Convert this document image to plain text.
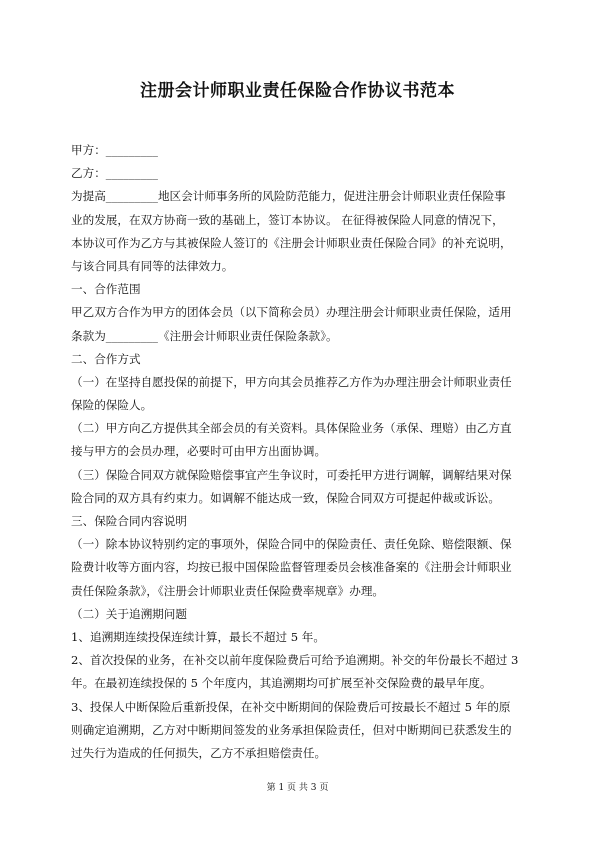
注册会计师职业责任保险合作协议书范本
甲方：_________
乙方：_________
为提高_________地区会计师事务所的风险防范能力，促进注册会计师职业责任保险事
业的发展，在双方协商一致的基础上，签订本协议。 在征得被保险人同意的情况下，
本协议可作为乙方与其被保险人签订的《注册会计师职业责任保险合同》的补充说明，
与该合同具有同等的法律效力。
一、合作范围
甲乙双方合作为甲方的团体会员（以下简称会员）办理注册会计师职业责任保险，适用
条款为_________《注册会计师职业责任保险条款》。
二、合作方式
（一）在坚持自愿投保的前提下，甲方向其会员推荐乙方作为办理注册会计师职业责任
保险的保险人。
（二）甲方向乙方提供其全部会员的有关资料。具体保险业务（承保、理赔）由乙方直
接与甲方的会员办理，必要时可由甲方出面协调。
（三）保险合同双方就保险赔偿事宜产生争议时，可委托甲方进行调解，调解结果对保
险合同的双方具有约束力。如调解不能达成一致，保险合同双方可提起仲裁或诉讼。
三、保险合同内容说明
（一）除本协议特别约定的事项外，保险合同中的保险责任、责任免除、赔偿限额、保
险费计收等方面内容，均按已报中国保险监督管理委员会核准备案的《注册会计师职业
责任保险条款》，《注册会计师职业责任保险费率规章》办理。
（二）关于追溯期问题
1、追溯期连续投保连续计算，最长不超过 5 年。
2、首次投保的业务，在补交以前年度保险费后可给予追溯期。补交的年份最长不超过 3
年。在最初连续投保的 5 个年度内，其追溯期均可扩展至补交保险费的最早年度。
3、投保人中断保险后重新投保，在补交中断期间的保险费后可按最长不超过 5 年的原
则确定追溯期，乙方对中断期间签发的业务承担保险责任，但对中断期间已获悉发生的
过失行为造成的任何损失，乙方不承担赔偿责任。
第 1 页 共 3 页
